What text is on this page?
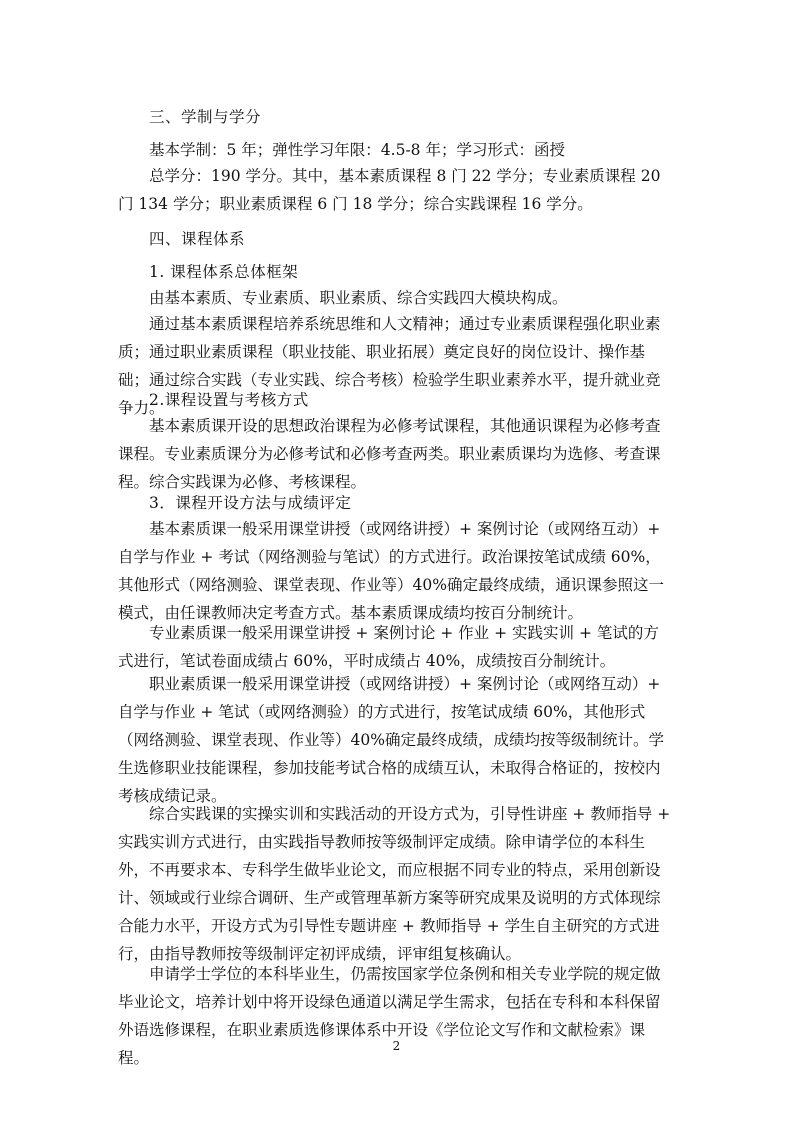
三、学制与学分

基本学制：5 年；弹性学习年限：4.5-8 年；学习形式：函授

总学分：190 学分。其中，基本素质课程 8 门 22 学分；专业素质课程 20 门 134 学分；职业素质课程 6 门 18 学分；综合实践课程 16 学分。

四、课程体系

1. 课程体系总体框架

由基本素质、专业素质、职业素质、综合实践四大模块构成。

通过基本素质课程培养系统思维和人文精神；通过专业素质课程强化职业素质；通过职业素质课程（职业技能、职业拓展）奠定良好的岗位设计、操作基础；通过综合实践（专业实践、综合考核）检验学生职业素养水平，提升就业竞争力。

2.课程设置与考核方式

基本素质课开设的思想政治课程为必修考试课程，其他通识课程为必修考查课程。专业素质课分为必修考试和必修考查两类。职业素质课均为选修、考查课程。综合实践课为必修、考核课程。

3．课程开设方法与成绩评定

基本素质课一般采用课堂讲授（或网络讲授）+ 案例讨论（或网络互动）+ 自学与作业 + 考试（网络测验与笔试）的方式进行。政治课按笔试成绩 60%，其他形式（网络测验、课堂表现、作业等）40%确定最终成绩，通识课参照这一模式，由任课教师决定考查方式。基本素质课成绩均按百分制统计。

专业素质课一般采用课堂讲授 + 案例讨论 + 作业 + 实践实训 + 笔试的方式进行，笔试卷面成绩占 60%，平时成绩占 40%，成绩按百分制统计。

职业素质课一般采用课堂讲授（或网络讲授）+ 案例讨论（或网络互动）+ 自学与作业 + 笔试（或网络测验）的方式进行，按笔试成绩 60%，其他形式（网络测验、课堂表现、作业等）40%确定最终成绩，成绩均按等级制统计。学生选修职业技能课程，参加技能考试合格的成绩互认，未取得合格证的，按校内考核成绩记录。

综合实践课的实操实训和实践活动的开设方式为，引导性讲座 + 教师指导 + 实践实训方式进行，由实践指导教师按等级制评定成绩。除申请学位的本科生外，不再要求本、专科学生做毕业论文，而应根据不同专业的特点，采用创新设计、领域或行业综合调研、生产或管理革新方案等研究成果及说明的方式体现综合能力水平，开设方式为引导性专题讲座 + 教师指导 + 学生自主研究的方式进行，由指导教师按等级制评定初评成绩，评审组复核确认。

申请学士学位的本科毕业生，仍需按国家学位条例和相关专业学院的规定做毕业论文，培养计划中将开设绿色通道以满足学生需求，包括在专科和本科保留外语选修课程，在职业素质选修课体系中开设《学位论文写作和文献检索》课程。

2
